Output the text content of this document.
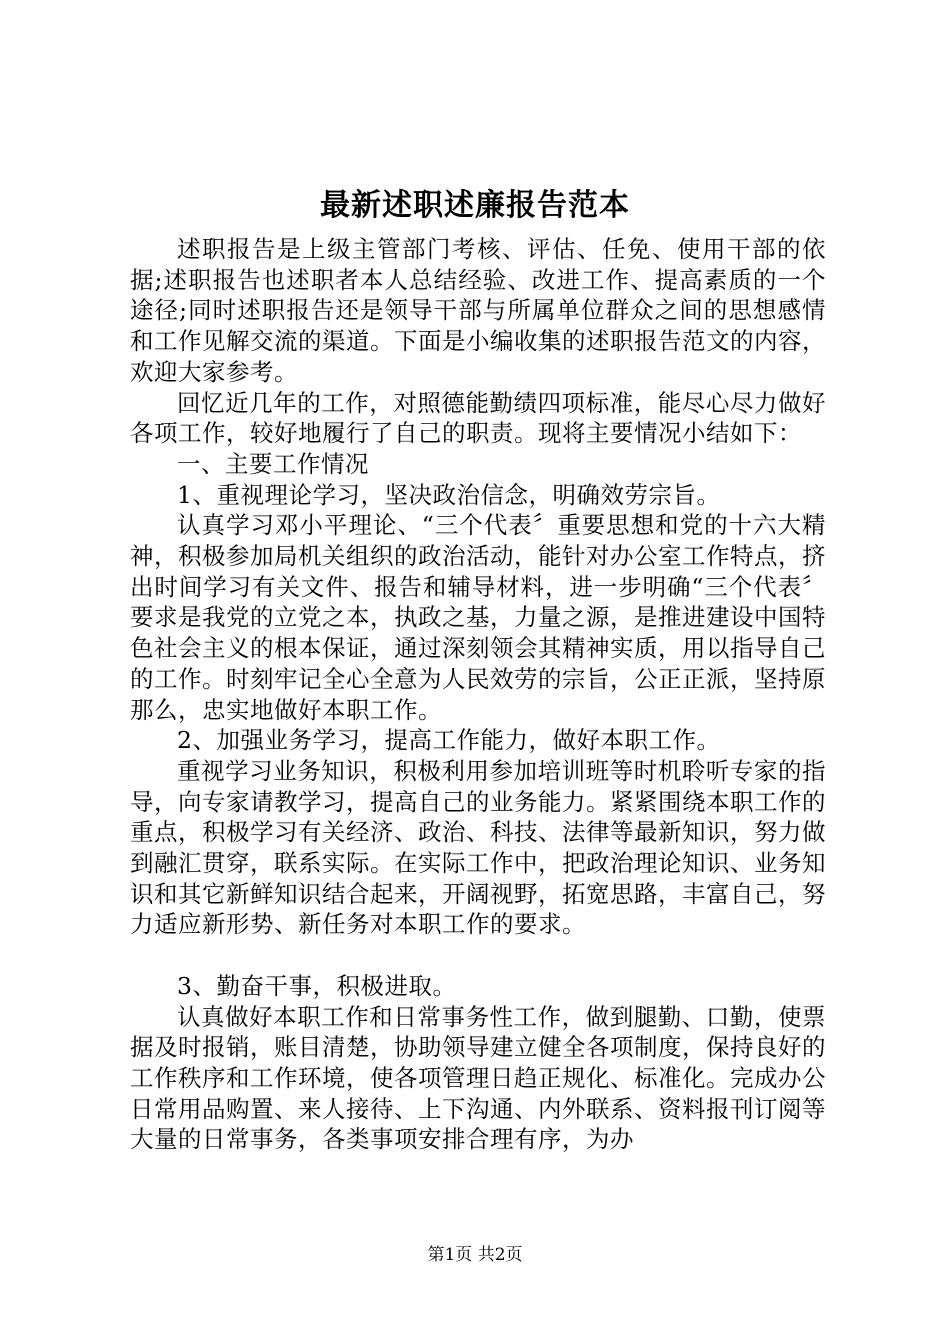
最新述职述廉报告范本

述职报告是上级主管部门考核、评估、任免、使用干部的依据;述职报告也述职者本人总结经验、改进工作、提高素质的一个途径;同时述职报告还是领导干部与所属单位群众之间的思想感情和工作见解交流的渠道。下面是小编收集的述职报告范文的内容，欢迎大家参考。

回忆近几年的工作，对照德能勤绩四项标准，能尽心尽力做好各项工作，较好地履行了自己的职责。现将主要情况小结如下：

一、主要工作情况

1、重视理论学习，坚决政治信念，明确效劳宗旨。

认真学习邓小平理论、“三个代表〞重要思想和党的十六大精神，积极参加局机关组织的政治活动，能针对办公室工作特点，挤出时间学习有关文件、报告和辅导材料，进一步明确“三个代表〞要求是我党的立党之本，执政之基，力量之源，是推进建设中国特色社会主义的根本保证，通过深刻领会其精神实质，用以指导自己的工作。时刻牢记全心全意为人民效劳的宗旨，公正正派，坚持原那么，忠实地做好本职工作。

2、加强业务学习，提高工作能力，做好本职工作。

重视学习业务知识，积极利用参加培训班等时机聆听专家的指导，向专家请教学习，提高自己的业务能力。紧紧围绕本职工作的重点，积极学习有关经济、政治、科技、法律等最新知识，努力做到融汇贯穿，联系实际。在实际工作中，把政治理论知识、业务知识和其它新鲜知识结合起来，开阔视野，拓宽思路，丰富自己，努力适应新形势、新任务对本职工作的要求。

3、勤奋干事，积极进取。

认真做好本职工作和日常事务性工作，做到腿勤、口勤，使票据及时报销，账目清楚，协助领导建立健全各项制度，保持良好的工作秩序和工作环境，使各项管理日趋正规化、标准化。完成办公日常用品购置、来人接待、上下沟通、内外联系、资料报刊订阅等大量的日常事务，各类事项安排合理有序，为办

第1页 共2页
